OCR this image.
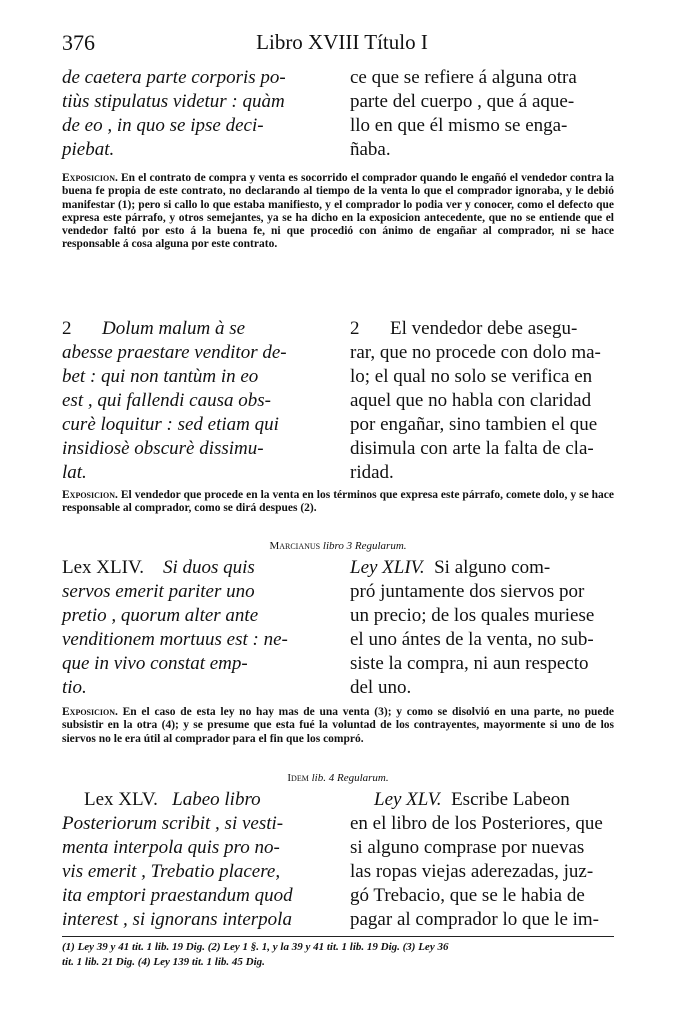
376	Libro XVIII Título I
de caetera parte corporis po-
tiùs stipulatus videtur : quàm
de eo , in quo se ipse deci-
piebat.
ce que se refiere á alguna otra
parte del cuerpo , que á aque-
llo en que él mismo se enga-
ñaba.
Exposicion. En el contrato de compra y venta es socorrido el comprador quando le engañó el vendedor contra la buena fe propia de este contrato, no declarando al tiempo de la venta lo que el comprador ignoraba, y le debió manifestar (1); pero si callo lo que estaba manifiesto, y el comprador lo podia ver y conocer, como el defecto que expresa este párrafo, y otros semejantes, ya se ha dicho en la exposicion antecedente, que no se entiende que el vendedor faltó por esto á la buena fe, ni que procedió con ánimo de engañar al comprador, ni se hace responsable á cosa alguna por este contrato.
2 Dolum malum à se
abesse praestare venditor de-
bet : qui non tantùm in eo
est , qui fallendi causa obs-
curè loquitur : sed etiam qui
insidiosè obscurè dissimu-
lat.
2 El vendedor debe asegu-
rar, que no procede con dolo ma-
lo; el qual no solo se verifica en
aquel que no habla con claridad
por engañar, sino tambien el que
disimula con arte la falta de cla-
ridad.
Exposicion. El vendedor que procede en la venta en los términos que expresa este párrafo, comete dolo, y se hace responsable al comprador, como se dirá despues (2).
Marcianus libro 3 Regularum.
Lex XLIV. Si duos quis
servos emerit pariter uno
pretio , quorum alter ante
venditionem mortuus est : ne-
que in vivo constat emp-
tio.
Ley XLIV. Si alguno com-
pró juntamente dos siervos por
un precio; de los quales muriese
el uno ántes de la venta, no sub-
siste la compra, ni aun respecto
del uno.
Exposicion. En el caso de esta ley no hay mas de una venta (3); y como se disolvió en una parte, no puede subsistir en la otra (4); y se presume que esta fué la voluntad de los contrayentes, mayormente si uno de los siervos no le era útil al comprador para el fin que los compró.
Idem lib. 4 Regularum.
Lex XLV. Labeo libro
Posteriorum scribit , si vesti-
menta interpola quis pro no-
vis emerit , Trebatio placere,
ita emptori praestandum quod
interest , si ignorans interpola
Ley XLV. Escribe Labeon
en el libro de los Posteriores, que
si alguno comprase por nuevas
las ropas viejas aderezadas, juz-
gó Trebacio, que se le habia de
pagar al comprador lo que le im-
(1) Ley 39 y 41 tit. 1 lib. 19 Dig. (2) Ley 1 §. 1, y la 39 y 41 tit. 1 lib. 19 Dig. (3) Ley 36
tit. 1 lib. 21 Dig. (4) Ley 139 tit. 1 lib. 45 Dig.
